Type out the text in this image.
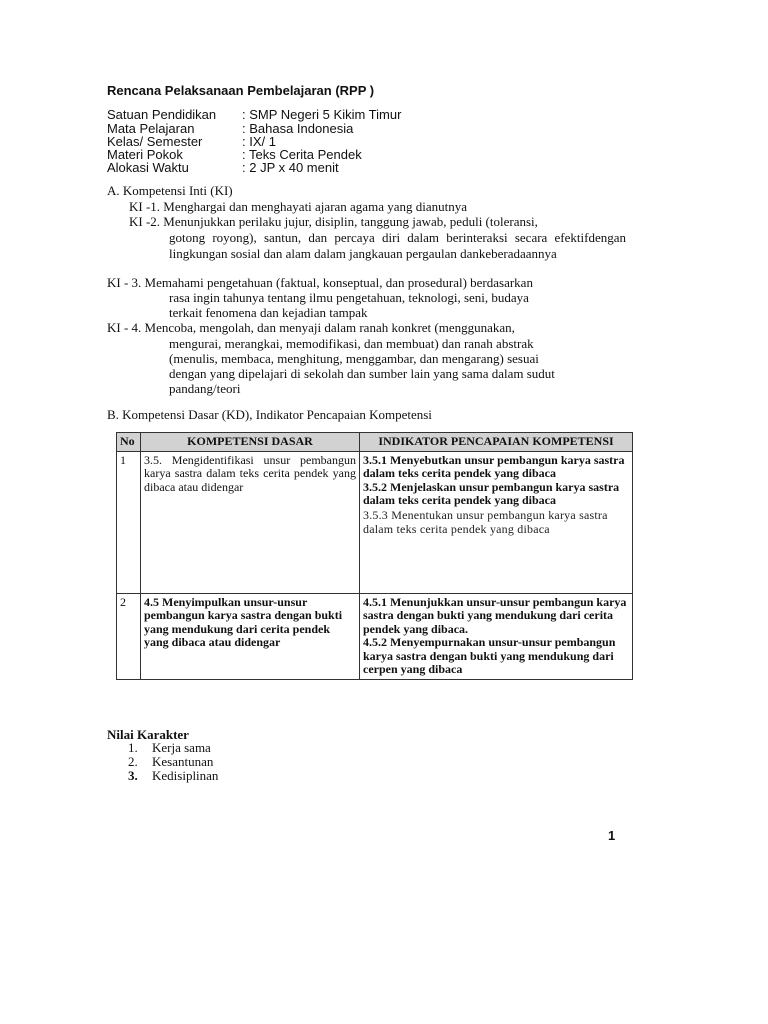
Rencana Pelaksanaan Pembelajaran (RPP )
Satuan Pendidikan	: SMP Negeri 5 Kikim Timur
Mata Pelajaran	: Bahasa Indonesia
Kelas/ Semester	: IX/ 1
Materi Pokok	: Teks Cerita Pendek
Alokasi Waktu	: 2 JP x 40 menit
A. Kompetensi Inti (KI)
KI -1. Menghargai dan menghayati ajaran agama yang dianutnya
KI -2. Menunjukkan perilaku jujur, disiplin, tanggung jawab, peduli (toleransi,
gotong royong), santun, dan percaya diri dalam berinteraksi secara efektifdengan lingkungan sosial dan alam dalam jangkauan pergaulan dankeberadaannya
KI - 3. Memahami pengetahuan (faktual, konseptual, dan prosedural) berdasarkan
rasa ingin tahunya tentang ilmu pengetahuan, teknologi, seni, budaya
terkait fenomena dan kejadian tampak
KI - 4. Mencoba, mengolah, dan menyaji dalam ranah konkret (menggunakan,
mengurai, merangkai, memodifikasi, dan membuat) dan ranah abstrak
(menulis, membaca, menghitung, menggambar, dan mengarang) sesuai
dengan yang dipelajari di sekolah dan sumber lain yang sama dalam sudut
pandang/teori
B. Kompetensi Dasar (KD), Indikator Pencapaian Kompetensi
No	KOMPETENSI DASAR	INDIKATOR PENCAPAIAN KOMPETENSI
1	3.5. Mengidentifikasi unsur pembangun karya sastra dalam teks cerita pendek yang dibaca atau didengar	3.5.1 Menyebutkan unsur pembangun karya sastra dalam teks cerita pendek yang dibaca
3.5.2 Menjelaskan unsur pembangun karya sastra dalam teks cerita pendek yang dibaca
3.5.3 Menentukan unsur pembangun karya sastra dalam teks cerita pendek yang dibaca

2	4.5 Menyimpulkan unsur-unsur pembangun karya sastra dengan bukti yang mendukung dari cerita pendek yang dibaca atau didengar	4.5.1 Menunjukkan unsur-unsur pembangun karya sastra dengan bukti yang mendukung dari cerita pendek yang dibaca.
4.5.2 Menyempurnakan unsur-unsur pembangun karya sastra dengan bukti yang mendukung dari cerpen yang dibaca
Nilai Karakter
1. Kerja sama
2. Kesantunan
3. Kedisiplinan
1
